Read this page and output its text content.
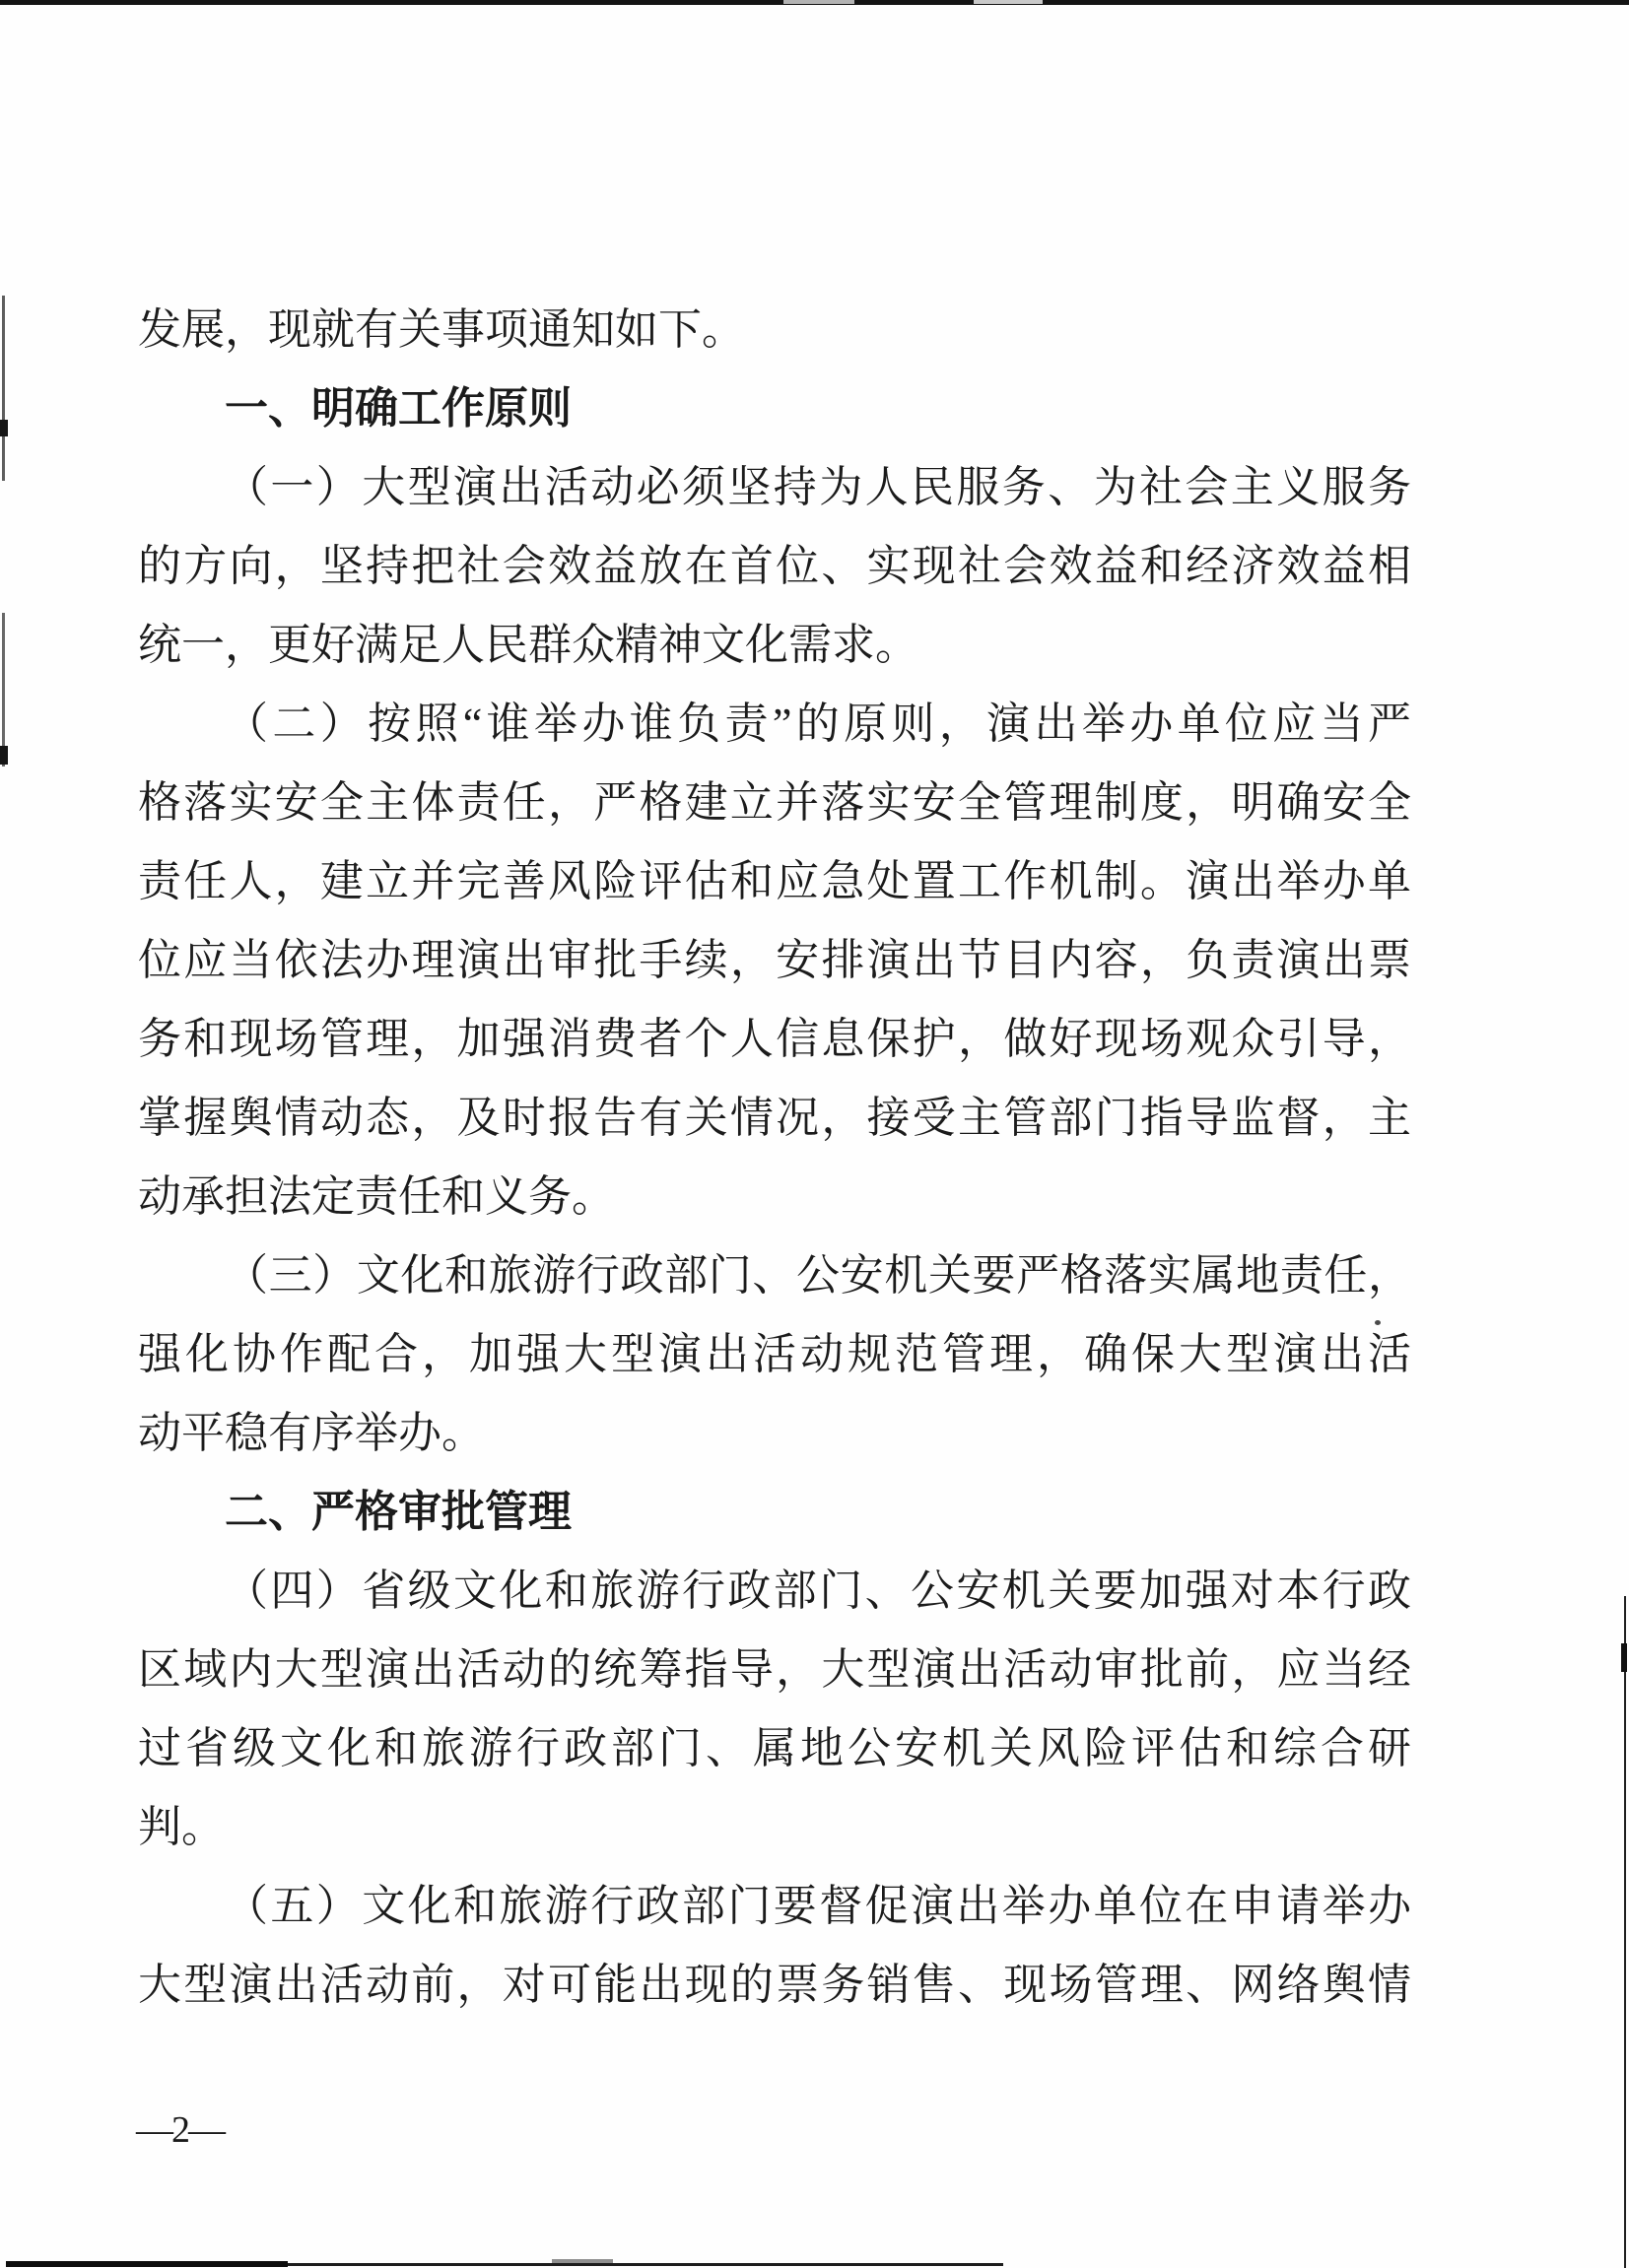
发展，现就有关事项通知如下。
一、明确工作原则
（一）大型演出活动必须坚持为人民服务、为社会主义服务
的方向，坚持把社会效益放在首位、实现社会效益和经济效益相
统一，更好满足人民群众精神文化需求。
（二）按照“谁举办谁负责”的原则，演出举办单位应当严
格落实安全主体责任，严格建立并落实安全管理制度，明确安全
责任人，建立并完善风险评估和应急处置工作机制。演出举办单
位应当依法办理演出审批手续，安排演出节目内容，负责演出票
务和现场管理，加强消费者个人信息保护，做好现场观众引导，
掌握舆情动态，及时报告有关情况，接受主管部门指导监督，主
动承担法定责任和义务。
（三）文化和旅游行政部门、公安机关要严格落实属地责任，
强化协作配合，加强大型演出活动规范管理，确保大型演出活
动平稳有序举办。
二、严格审批管理
（四）省级文化和旅游行政部门、公安机关要加强对本行政
区域内大型演出活动的统筹指导，大型演出活动审批前，应当经
过省级文化和旅游行政部门、属地公安机关风险评估和综合研
判。
（五）文化和旅游行政部门要督促演出举办单位在申请举办
大型演出活动前，对可能出现的票务销售、现场管理、网络舆情
—2—
